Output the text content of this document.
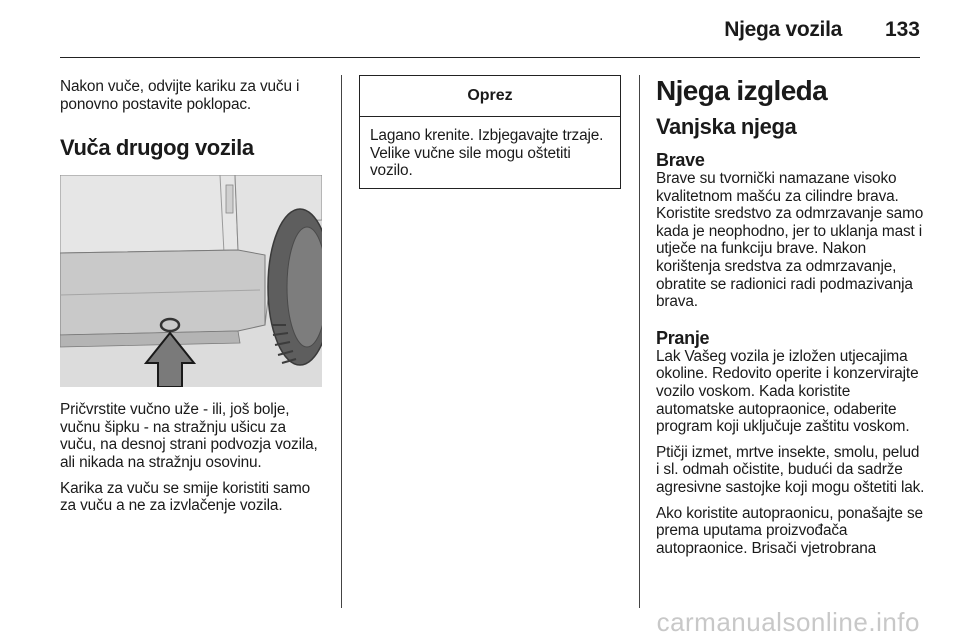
Njega vozila 133

Nakon vuče, odvijte kariku za vuču i ponovno postavite poklopac.

Vuča drugog vozila

Pričvrstite vučno uže - ili, još bolje, vučnu šipku - na stražnju ušicu za vuču, na desnoj strani podvozja vozila, ali nikada na stražnju osovinu.

Karika za vuču se smije koristiti samo za vuču a ne za izvlačenje vozila.

Oprez

Lagano krenite. Izbjegavajte trzaje. Velike vučne sile mogu oštetiti vozilo.

Njega izgleda
Vanjska njega
Brave

Brave su tvornički namazane visoko kvalitetnom mašću za cilindre brava. Koristite sredstvo za odmrzavanje samo kada je neophodno, jer to uklanja mast i utječe na funkciju brave. Nakon korištenja sredstva za odmrzavanje, obratite se radionici radi podmazivanja brava.

Pranje

Lak Vašeg vozila je izložen utjecajima okoline. Redovito operite i konzervirajte vozilo voskom. Kada koristite automatske autopraonice, odaberite program koji uključuje zaštitu voskom.

Ptičji izmet, mrtve insekte, smolu, pelud i sl. odmah očistite, budući da sadrže agresivne sastojke koji mogu oštetiti lak.

Ako koristite autopraonicu, ponašajte se prema uputama proizvođača autopraonice. Brisači vjetrobrana

carmanualsonline.info
